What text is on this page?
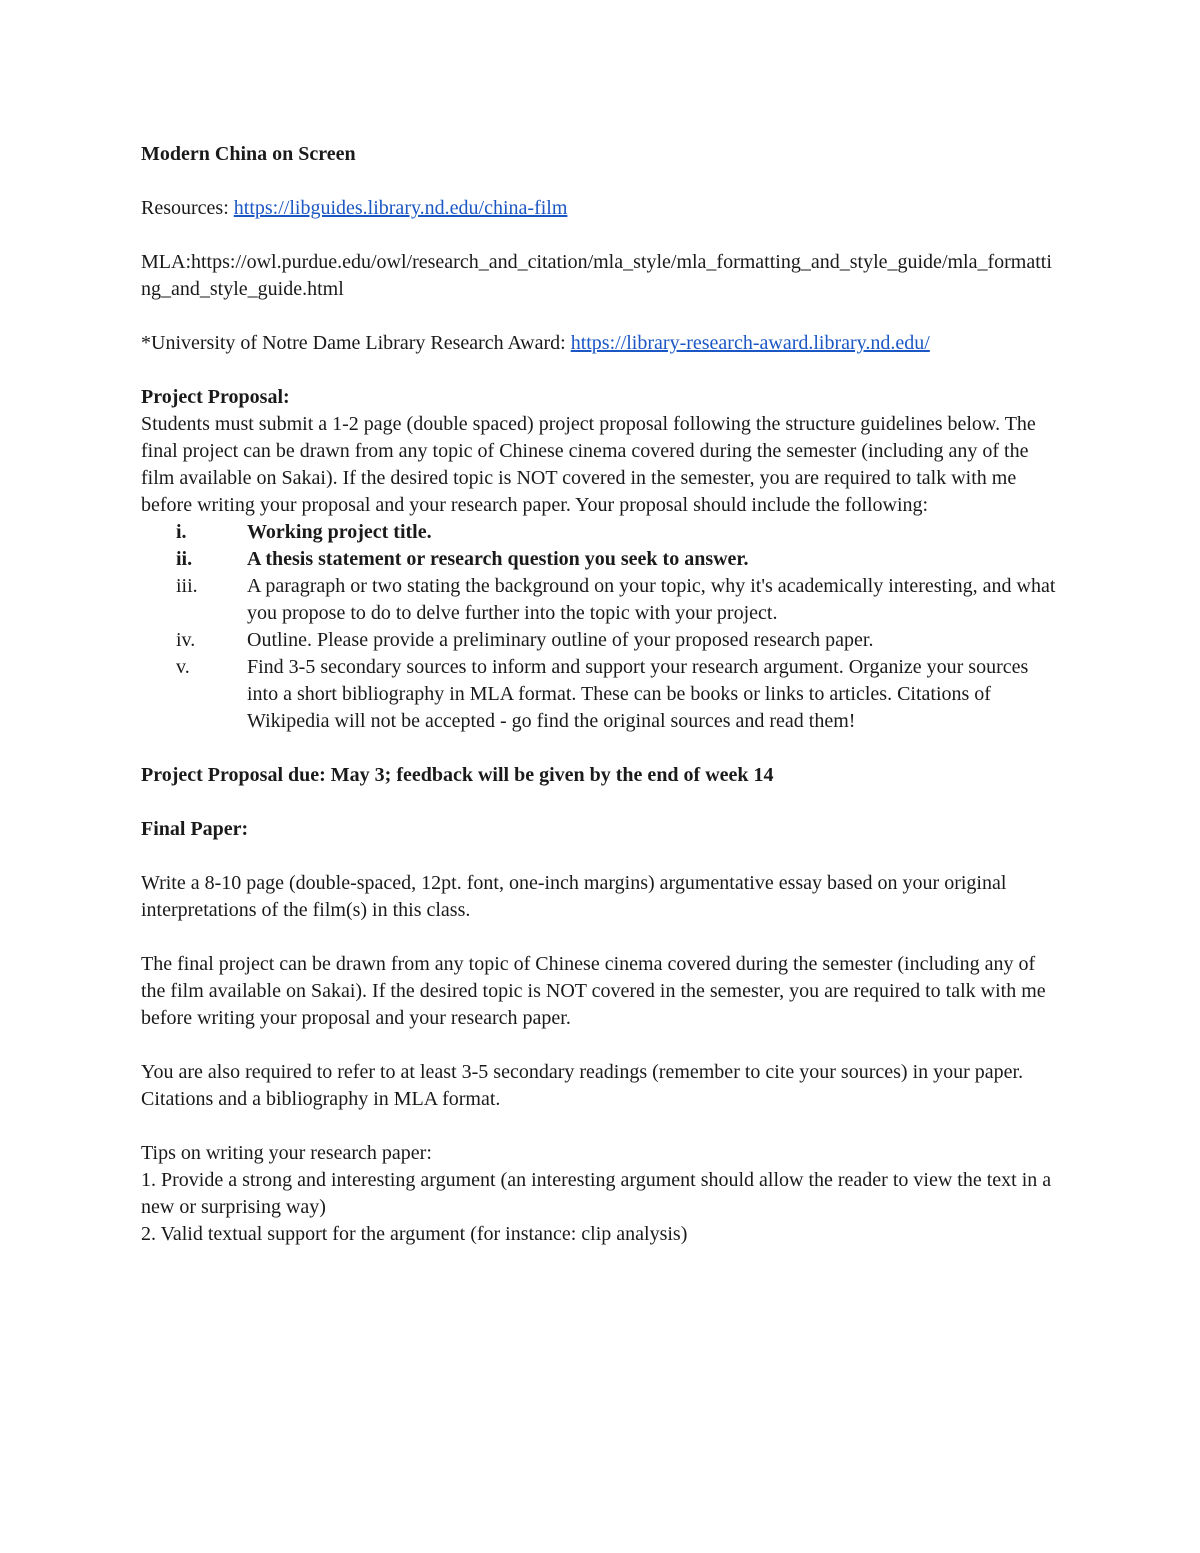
Modern China on Screen

Resources: https://libguides.library.nd.edu/china-film

MLA:https://owl.purdue.edu/owl/research_and_citation/mla_style/mla_formatting_and_style_guide/mla_formatting_and_style_guide.html

*University of Notre Dame Library Research Award: https://library-research-award.library.nd.edu/

Project Proposal:

Students must submit a 1-2 page (double spaced) project proposal following the structure guidelines below. The final project can be drawn from any topic of Chinese cinema covered during the semester (including any of the film available on Sakai). If the desired topic is NOT covered in the semester, you are required to talk with me before writing your proposal and your research paper. Your proposal should include the following:

i.	Working project title.
ii.	A thesis statement or research question you seek to answer.
iii. A paragraph or two stating the background on your topic, why it's academically interesting, and what you propose to do to delve further into the topic with your project.
iv.	Outline. Please provide a preliminary outline of your proposed research paper.
v.	Find 3-5 secondary sources to inform and support your research argument. Organize your sources into a short bibliography in MLA format. These can be books or links to articles. Citations of Wikipedia will not be accepted - go find the original sources and read them!

Project Proposal due: May 3; feedback will be given by the end of week 14

Final Paper:

Write a 8-10 page (double-spaced, 12pt. font, one-inch margins) argumentative essay based on your original interpretations of the film(s) in this class.

The final project can be drawn from any topic of Chinese cinema covered during the semester (including any of the film available on Sakai). If the desired topic is NOT covered in the semester, you are required to talk with me before writing your proposal and your research paper.

You are also required to refer to at least 3-5 secondary readings (remember to cite your sources) in your paper.

Citations and a bibliography in MLA format.

Tips on writing your research paper:

1. Provide a strong and interesting argument (an interesting argument should allow the reader to view the text in a new or surprising way)

2. Valid textual support for the argument (for instance: clip analysis)
